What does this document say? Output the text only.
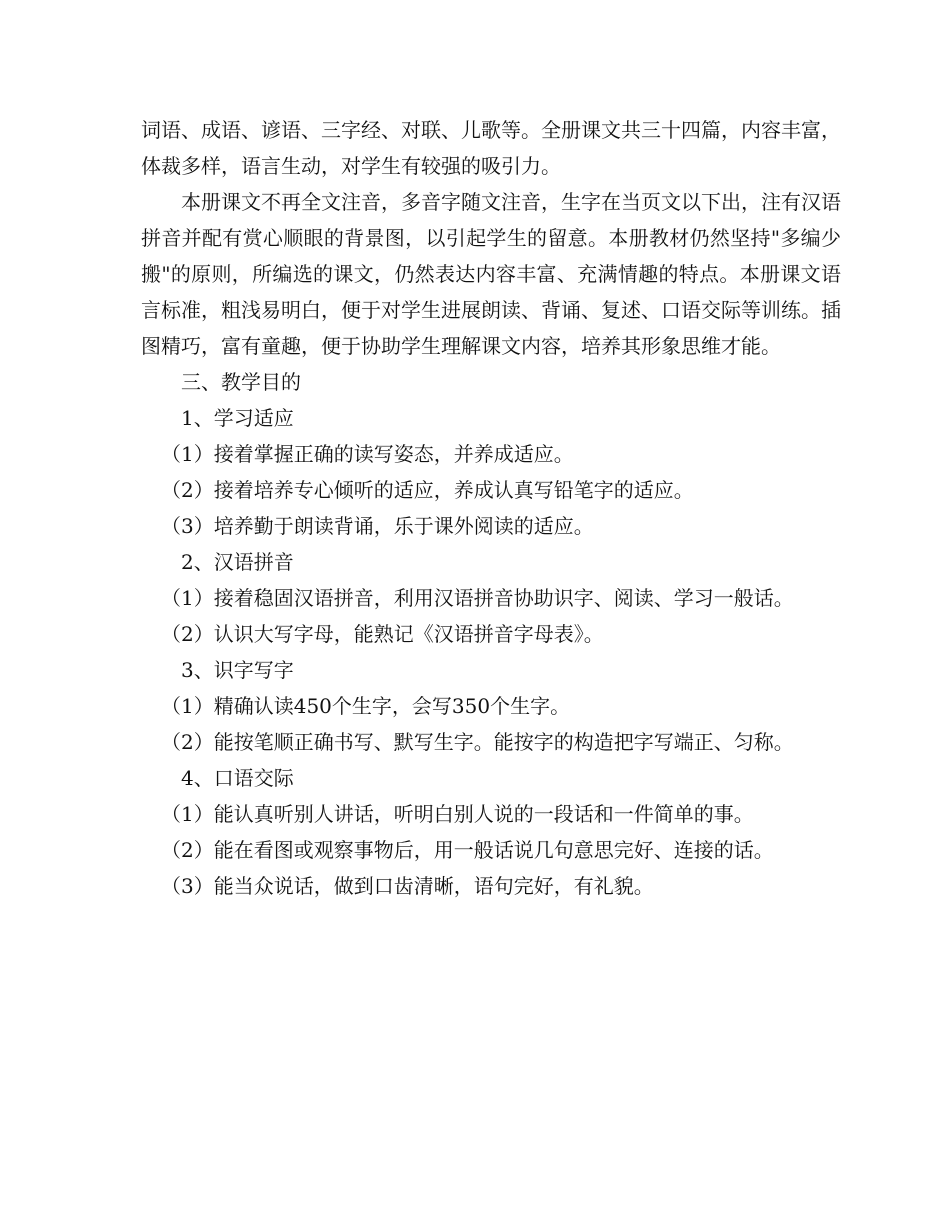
词语、成语、谚语、三字经、对联、儿歌等。全册课文共三十四篇，内容丰富，体裁多样，语言生动，对学生有较强的吸引力。

本册课文不再全文注音，多音字随文注音，生字在当页文以下出，注有汉语拼音并配有赏心顺眼的背景图，以引起学生的留意。本册教材仍然坚持"多编少搬"的原则，所编选的课文，仍然表达内容丰富、充满情趣的特点。本册课文语言标准，粗浅易明白，便于对学生进展朗读、背诵、复述、口语交际等训练。插图精巧，富有童趣，便于协助学生理解课文内容，培养其形象思维才能。

三、教学目的

1、学习适应

（1）接着掌握正确的读写姿态，并养成适应。

（2）接着培养专心倾听的适应，养成认真写铅笔字的适应。

（3）培养勤于朗读背诵，乐于课外阅读的适应。

2、汉语拼音

（1）接着稳固汉语拼音，利用汉语拼音协助识字、阅读、学习一般话。

（2）认识大写字母，能熟记《汉语拼音字母表》。

3、识字写字

（1）精确认读450个生字，会写350个生字。

（2）能按笔顺正确书写、默写生字。能按字的构造把字写端正、匀称。

4、口语交际

（1）能认真听别人讲话，听明白别人说的一段话和一件简单的事。

（2）能在看图或观察事物后，用一般话说几句意思完好、连接的话。

（3）能当众说话，做到口齿清晰，语句完好，有礼貌。
